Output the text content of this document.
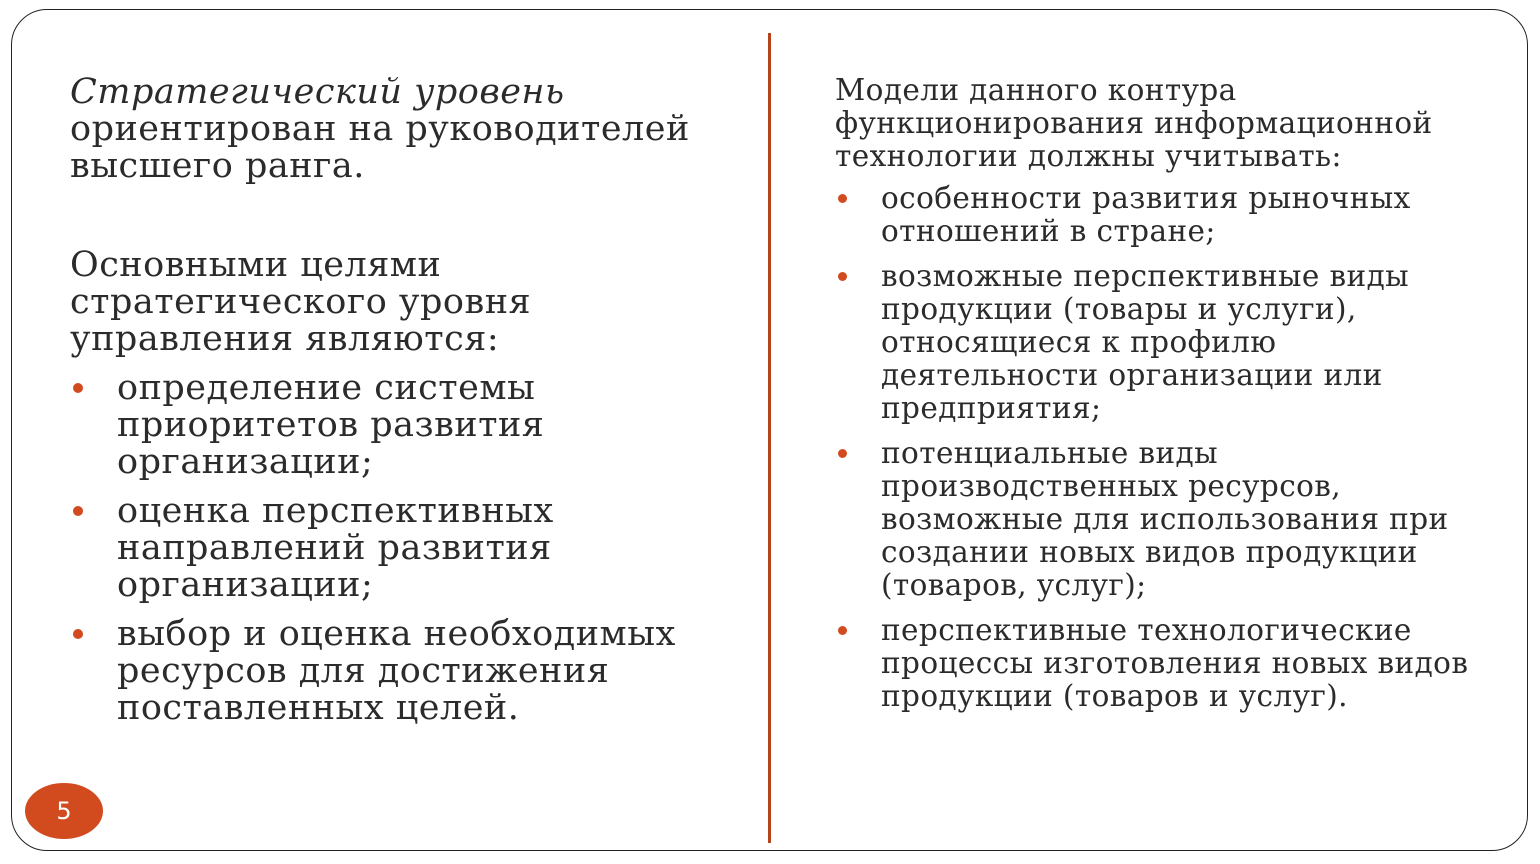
Стратегический уровень
ориентирован на руководителей высшего ранга.

Основными целями стратегического уровня управления являются:

определение системы приоритетов развития организации;
оценка перспективных направлений развития организации;
выбор и оценка необходимых ресурсов для достижения поставленных целей.

Модели данного контура функционирования информационной технологии должны учитывать:

особенности развития рыночных отношений в стране;
возможные перспективные виды продукции (товары и услуги), относящиеся к профилю деятельности организации или предприятия;
потенциальные виды производственных ресурсов, возможные для использования при создании новых видов продукции (товаров, услуг);
перспективные технологические процессы изготовления новых видов продукции (товаров и услуг).
5
